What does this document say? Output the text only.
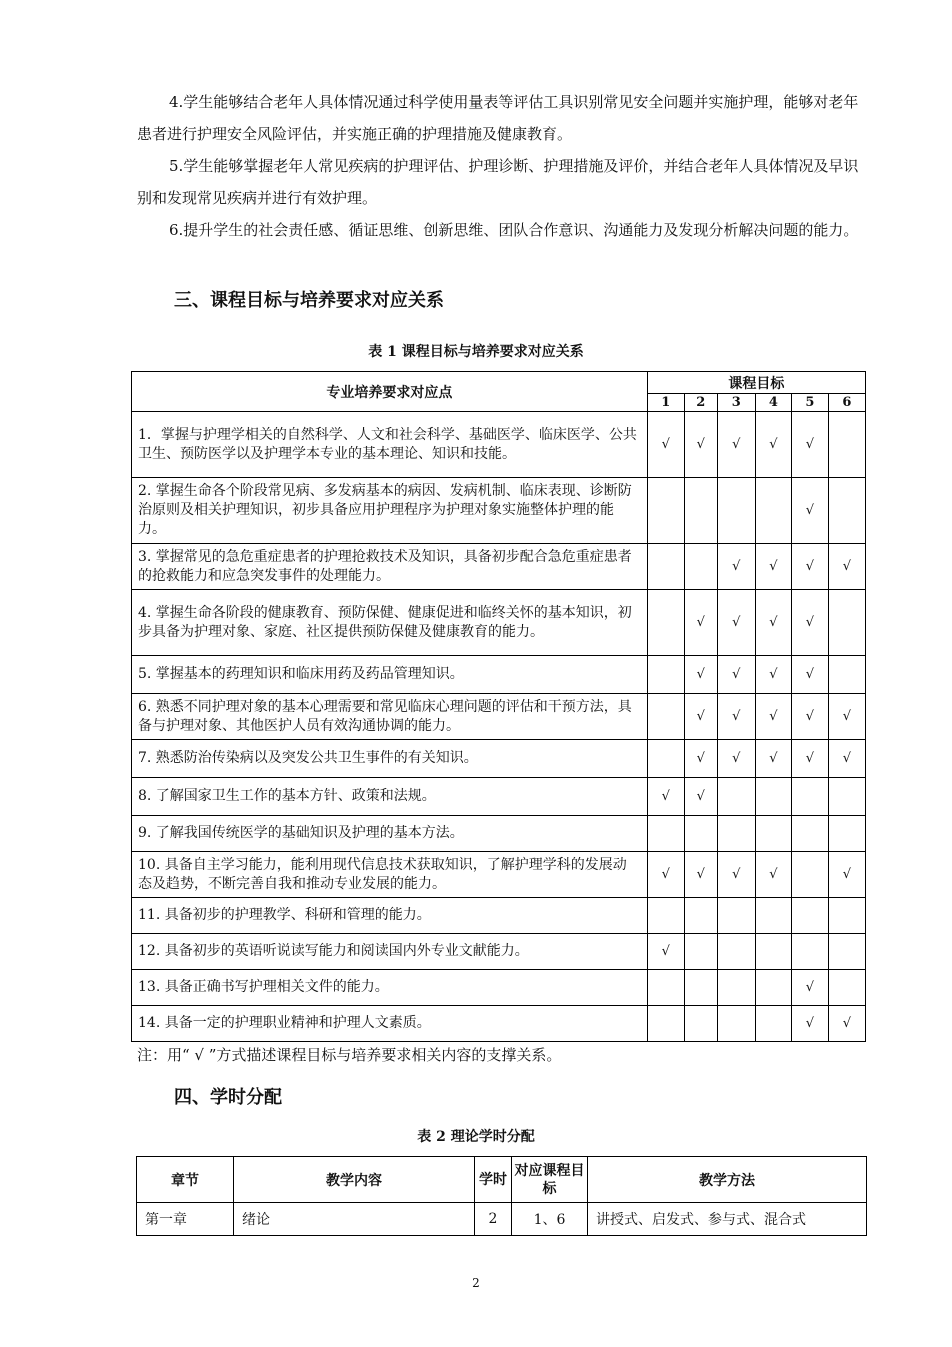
4.学生能够结合老年人具体情况通过科学使用量表等评估工具识别常见安全问题并实施护理，能够对老年患者进行护理安全风险评估，并实施正确的护理措施及健康教育。

5.学生能够掌握老年人常见疾病的护理评估、护理诊断、护理措施及评价，并结合老年人具体情况及早识别和发现常见疾病并进行有效护理。

6.提升学生的社会责任感、循证思维、创新思维、团队合作意识、沟通能力及发现分析解决问题的能力。

三、课程目标与培养要求对应关系
表 1 课程目标与培养要求对应关系
专业培养要求对应点	课程目标					
	1	2	3	4	5	6
1．掌握与护理学相关的自然科学、人文和社会科学、基础医学、临床医学、公共卫生、预防医学以及护理学本专业的基本理论、知识和技能。	√	√	√	√	√	
2. 掌握生命各个阶段常见病、多发病基本的病因、发病机制、临床表现、诊断防治原则及相关护理知识，初步具备应用护理程序为护理对象实施整体护理的能力。					√	
3. 掌握常见的急危重症患者的护理抢救技术及知识，具备初步配合急危重症患者的抢救能力和应急突发事件的处理能力。			√	√	√	√
4. 掌握生命各阶段的健康教育、预防保健、健康促进和临终关怀的基本知识，初步具备为护理对象、家庭、社区提供预防保健及健康教育的能力。		√	√	√	√	
5. 掌握基本的药理知识和临床用药及药品管理知识。		√	√	√	√	
6. 熟悉不同护理对象的基本心理需要和常见临床心理问题的评估和干预方法，具备与护理对象、其他医护人员有效沟通协调的能力。		√	√	√	√	√
7. 熟悉防治传染病以及突发公共卫生事件的有关知识。		√	√	√	√	√
8. 了解国家卫生工作的基本方针、政策和法规。	√	√				
9. 了解我国传统医学的基础知识及护理的基本方法。						
10. 具备自主学习能力，能利用现代信息技术获取知识，了解护理学科的发展动态及趋势，不断完善自我和推动专业发展的能力。	√	√	√	√		√
11. 具备初步的护理教学、科研和管理的能力。						
12. 具备初步的英语听说读写能力和阅读国内外专业文献能力。	√					
13. 具备正确书写护理相关文件的能力。					√	
14. 具备一定的护理职业精神和护理人文素质。					√	√
注：用“ √ ”方式描述课程目标与培养要求相关内容的支撑关系。
四、学时分配
表 2 理论学时分配
章节	教学内容	学时	对应课程目标	教学方法
第一章	绪论	2	1、6	讲授式、启发式、参与式、混合式
2
